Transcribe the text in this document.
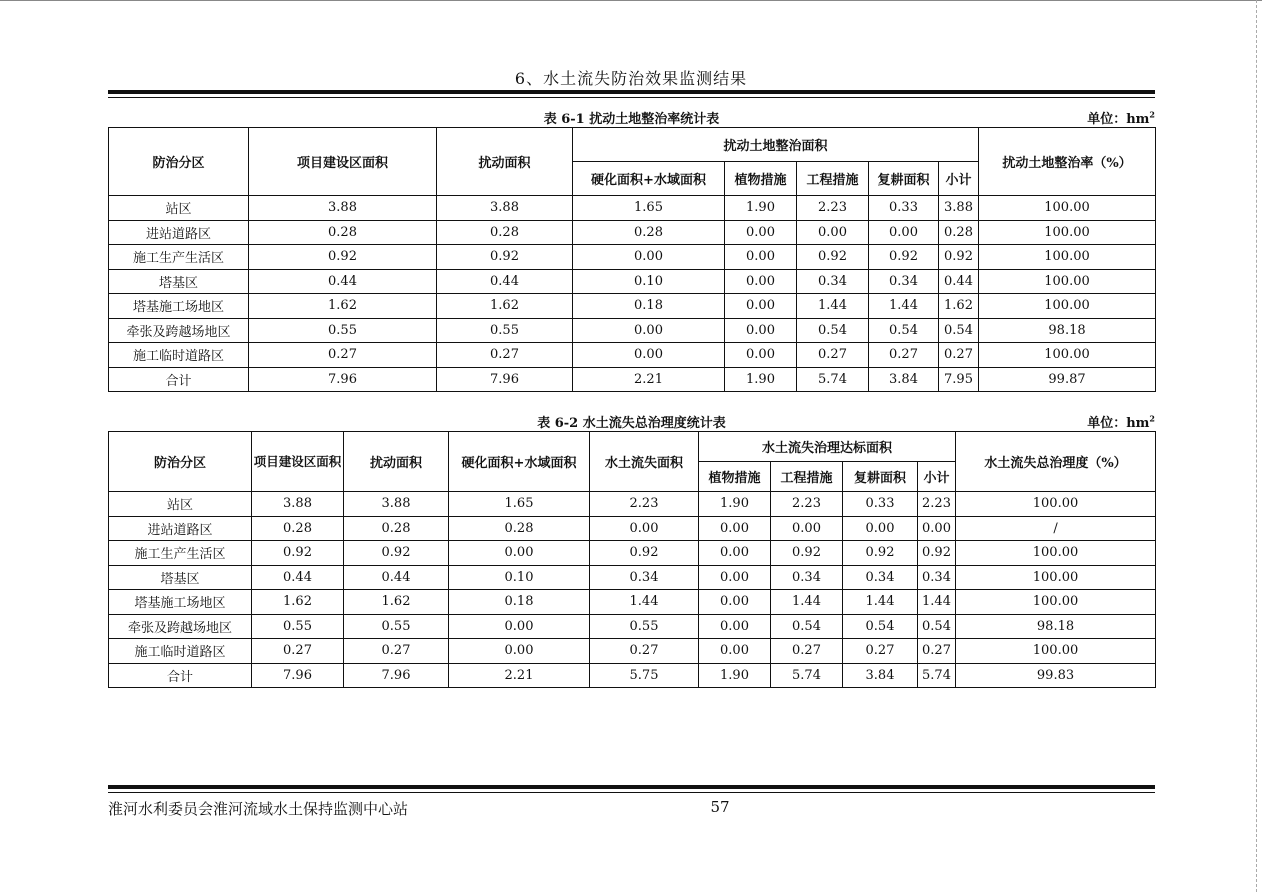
6、水土流失防治效果监测结果
表 6-1 扰动土地整治率统计表	单位：$hm^2$
防治分区	项目建设区面积	扰动面积	扰动土地整治面积					扰动土地整治率（%）
			硬化面积+水域面积	植物措施	工程措施	复耕面积	小计	
站区	3.88	3.88	1.65	1.90	2.23	0.33	3.88	100.00
进站道路区	0.28	0.28	0.28	0.00	0.00	0.00	0.28	100.00
施工生产生活区	0.92	0.92	0.00	0.00	0.92	0.92	0.92	100.00
塔基区	0.44	0.44	0.10	0.00	0.34	0.34	0.44	100.00
塔基施工场地区	1.62	1.62	0.18	0.00	1.44	1.44	1.62	100.00
牵张及跨越场地区	0.55	0.55	0.00	0.00	0.54	0.54	0.54	98.18
施工临时道路区	0.27	0.27	0.00	0.00	0.27	0.27	0.27	100.00
合计	7.96	7.96	2.21	1.90	5.74	3.84	7.95	99.87
表 6-2 水土流失总治理度统计表	单位：$hm^2$
防治分区	项目建设区面积	扰动面积	硬化面积+水域面积	水土流失面积	水土流失治理达标面积				水土流失总治理度（%）
					植物措施	工程措施	复耕面积	小计	
站区	3.88	3.88	1.65	2.23	1.90	2.23	0.33	2.23	100.00
进站道路区	0.28	0.28	0.28	0.00	0.00	0.00	0.00	0.00	/
施工生产生活区	0.92	0.92	0.00	0.92	0.00	0.92	0.92	0.92	100.00
塔基区	0.44	0.44	0.10	0.34	0.00	0.34	0.34	0.34	100.00
塔基施工场地区	1.62	1.62	0.18	1.44	0.00	1.44	1.44	1.44	100.00
牵张及跨越场地区	0.55	0.55	0.00	0.55	0.00	0.54	0.54	0.54	98.18
施工临时道路区	0.27	0.27	0.00	0.27	0.00	0.27	0.27	0.27	100.00
合计	7.96	7.96	2.21	5.75	1.90	5.74	3.84	5.74	99.83
淮河水利委员会淮河流域水土保持监测中心站	57
